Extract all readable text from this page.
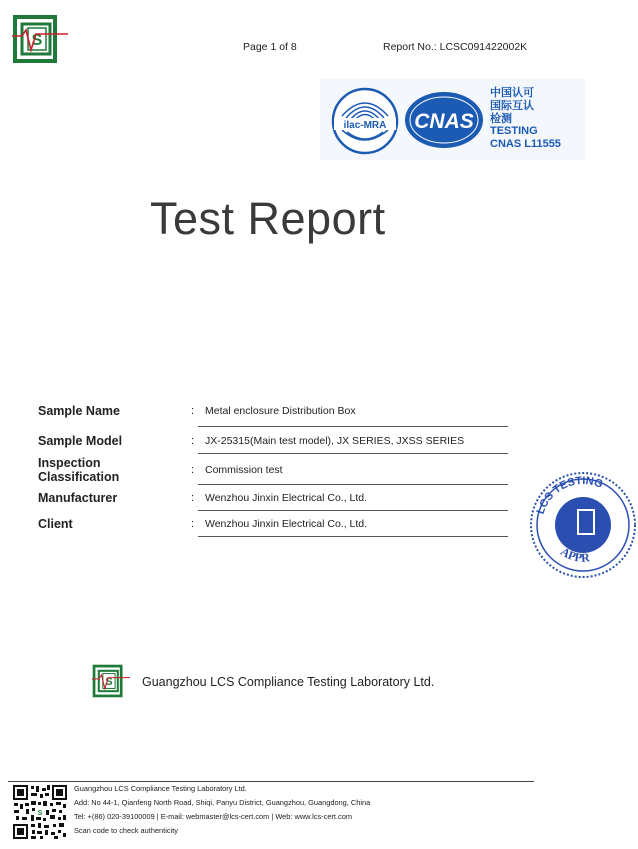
S	Page 1 of 8	Report No.: LCSC091422002K
ilac-MRA CNAS
中国认可
国际互认
检测
TESTING
CNAS L11555
Test Report
Sample Name	: Metal enclosure Distribution Box
Sample Model	: JX-25315(Main test model), JX SERIES, JXSS SERIES
Inspection
Classification	: Commission test
Manufacturer	: Wenzhou Jinxin Electrical Co., Ltd.
Client	: Wenzhou Jinxin Electrical Co., Ltd.
LCS TESTING
APPR
S Guangzhou LCS Compliance Testing Laboratory Ltd.
S
Guangzhou LCS Compliance Testing Laboratory Ltd.
Add: No 44-1, Qianfeng North Road, Shiqi, Panyu District, Guangzhou, Guangdong, China
Tel: +(86) 020-39100009 | E-mail: webmaster@lcs-cert.com | Web: www.lcs-cert.com
Scan code to check authenticity
